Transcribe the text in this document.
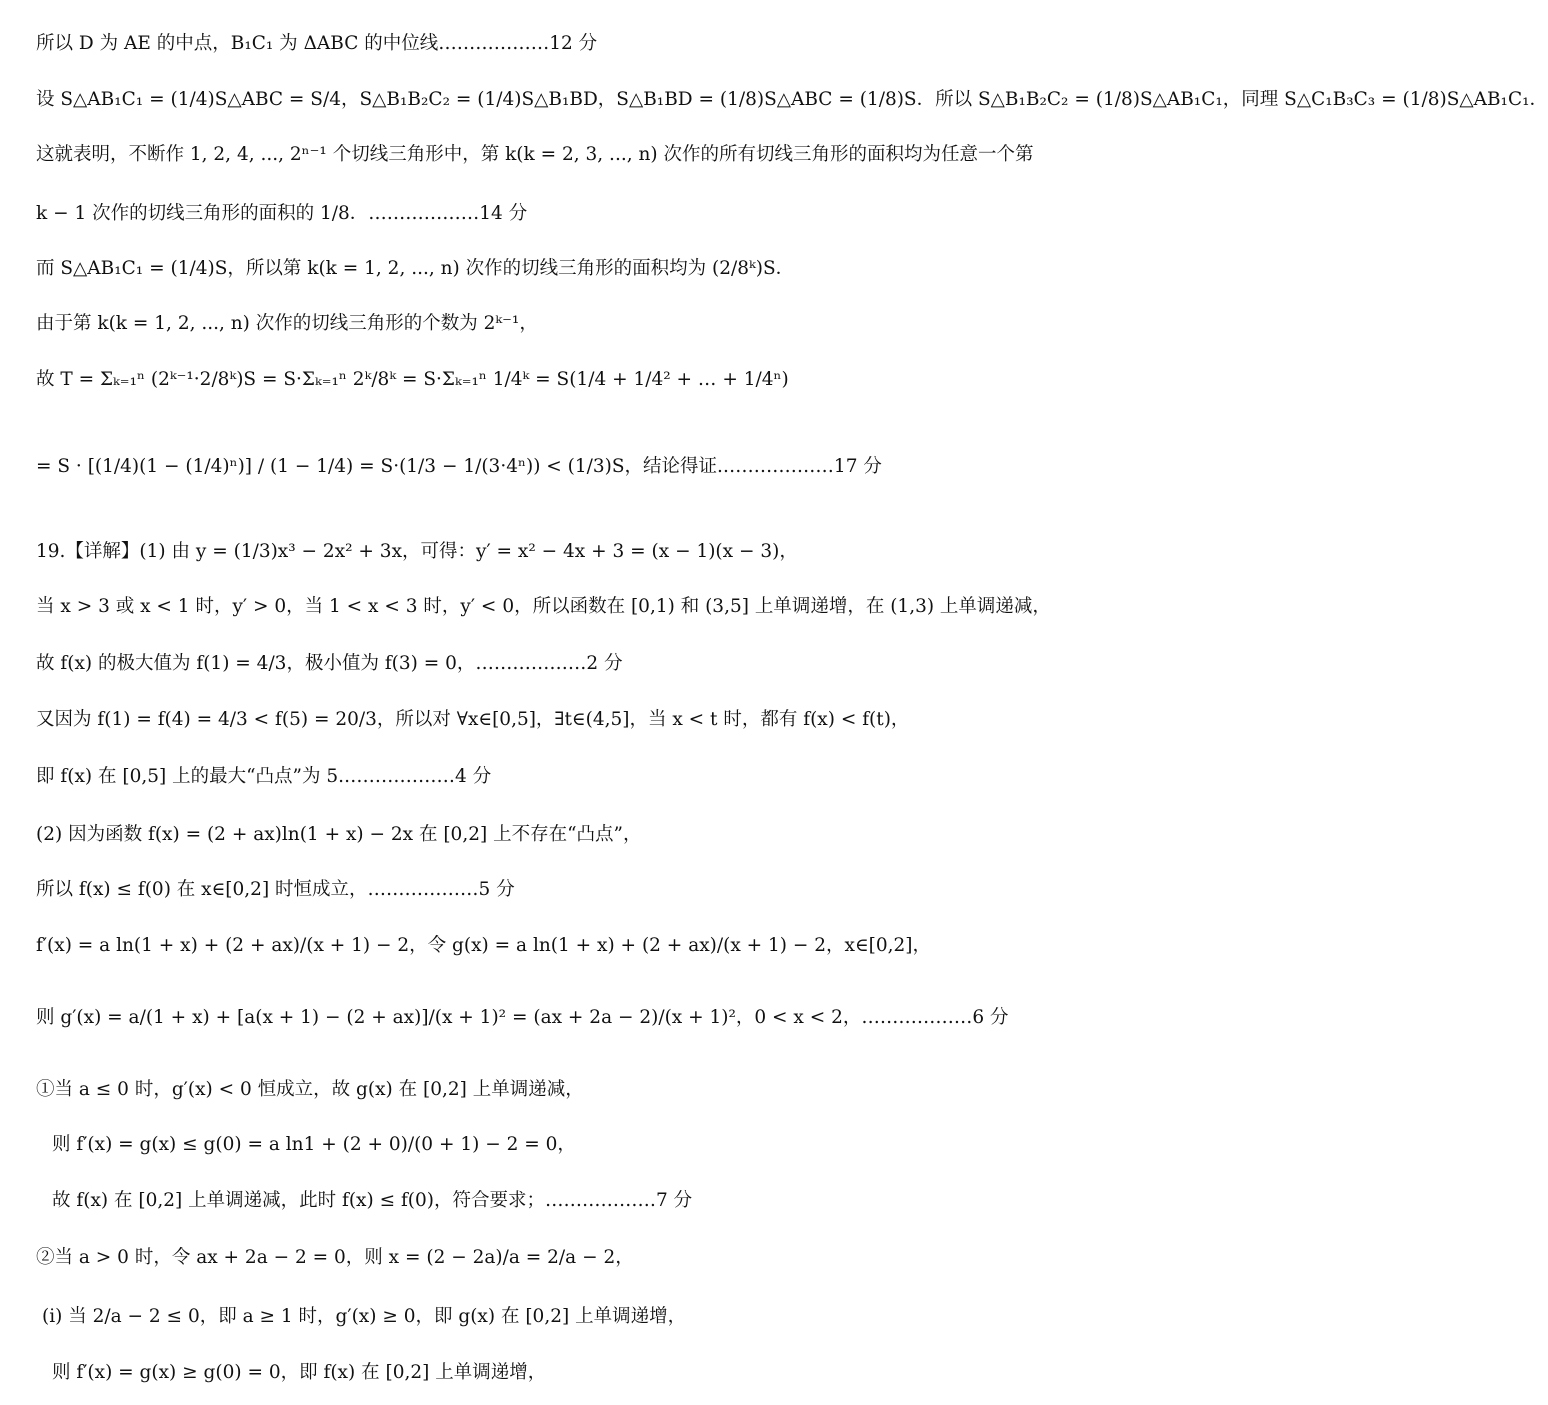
所以 D 为 AE 的中点，B₁C₁ 为 ΔABC 的中位线………………12 分
设 S△AB₁C₁ = (1/4)S△ABC = S/4，S△B₁B₂C₂ = (1/4)S△B₁BD，S△B₁BD = (1/8)S△ABC = (1/8)S．所以 S△B₁B₂C₂ = (1/8)S△AB₁C₁，同理 S△C₁B₃C₃ = (1/8)S△AB₁C₁．
这就表明，不断作 1, 2, 4, ..., 2ⁿ⁻¹ 个切线三角形中，第 k(k = 2, 3, ..., n) 次作的所有切线三角形的面积均为任意一个第
k − 1 次作的切线三角形的面积的 1/8．………………14 分
而 S△AB₁C₁ = (1/4)S，所以第 k(k = 1, 2, ..., n) 次作的切线三角形的面积均为 (2/8ᵏ)S．
由于第 k(k = 1, 2, ..., n) 次作的切线三角形的个数为 2ᵏ⁻¹，
故 T = Σₖ₌₁ⁿ (2ᵏ⁻¹·2/8ᵏ)S = S·Σₖ₌₁ⁿ 2ᵏ/8ᵏ = S·Σₖ₌₁ⁿ 1/4ᵏ = S(1/4 + 1/4² + … + 1/4ⁿ)
= S · [(1/4)(1 − (1/4)ⁿ)] / (1 − 1/4) = S·(1/3 − 1/(3·4ⁿ)) < (1/3)S，结论得证.………………17 分
19.【详解】(1) 由 y = (1/3)x³ − 2x² + 3x，可得：y′ = x² − 4x + 3 = (x − 1)(x − 3)，
当 x > 3 或 x < 1 时，y′ > 0，当 1 < x < 3 时，y′ < 0，所以函数在 [0,1) 和 (3,5] 上单调递增，在 (1,3) 上单调递减，
故 f(x) 的极大值为 f(1) = 4/3，极小值为 f(3) = 0，………………2 分
又因为 f(1) = f(4) = 4/3 < f(5) = 20/3，所以对 ∀x∈[0,5]，∃t∈(4,5]，当 x < t 时，都有 f(x) < f(t)，
即 f(x) 在 [0,5] 上的最大“凸点”为 5.………………4 分
(2) 因为函数 f(x) = (2 + ax)ln(1 + x) − 2x 在 [0,2] 上不存在“凸点”，
所以 f(x) ≤ f(0) 在 x∈[0,2] 时恒成立，………………5 分
f′(x) = a ln(1 + x) + (2 + ax)/(x + 1) − 2，令 g(x) = a ln(1 + x) + (2 + ax)/(x + 1) − 2，x∈[0,2]，
则 g′(x) = a/(1 + x) + [a(x + 1) − (2 + ax)]/(x + 1)² = (ax + 2a − 2)/(x + 1)²，0 < x < 2，………………6 分
①当 a ≤ 0 时，g′(x) < 0 恒成立，故 g(x) 在 [0,2] 上单调递减，
则 f′(x) = g(x) ≤ g(0) = a ln1 + (2 + 0)/(0 + 1) − 2 = 0，
故 f(x) 在 [0,2] 上单调递减，此时 f(x) ≤ f(0)，符合要求；………………7 分
②当 a > 0 时，令 ax + 2a − 2 = 0，则 x = (2 − 2a)/a = 2/a − 2，
(i) 当 2/a − 2 ≤ 0，即 a ≥ 1 时，g′(x) ≥ 0，即 g(x) 在 [0,2] 上单调递增，
则 f′(x) = g(x) ≥ g(0) = 0，即 f(x) 在 [0,2] 上单调递增，
